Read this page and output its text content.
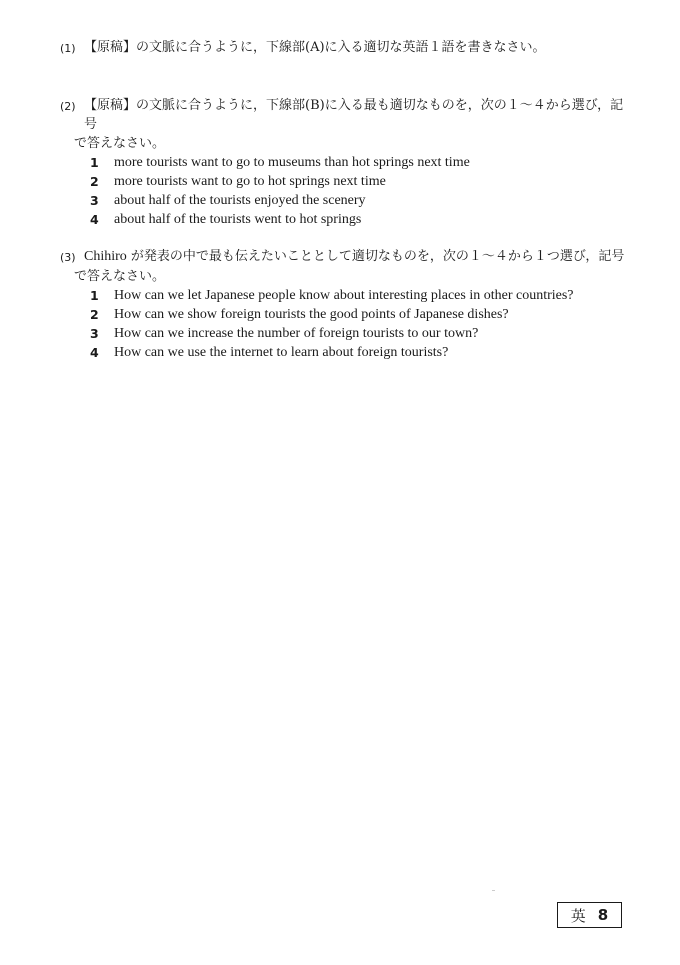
(1) 【原稿】の文脈に合うように，下線部(A)に入る適切な英語１語を書きなさい。
(2) 【原稿】の文脈に合うように，下線部(B)に入る最も適切なものを，次の１～４から選び，記号
で答えなさい。
1	more tourists want to go to museums than hot springs next time
2	more tourists want to go to hot springs next time
3	about half of the tourists enjoyed the scenery
4	about half of the tourists went to hot springs
(3) Chihiro が発表の中で最も伝えたいこととして適切なものを，次の１～４から１つ選び，記号
で答えなさい。
1	How can we let Japanese people know about interesting places in other countries?
2	How can we show foreign tourists the good points of Japanese dishes?
3	How can we increase the number of foreign tourists to our town?
4	How can we use the internet to learn about foreign tourists?
英 8
